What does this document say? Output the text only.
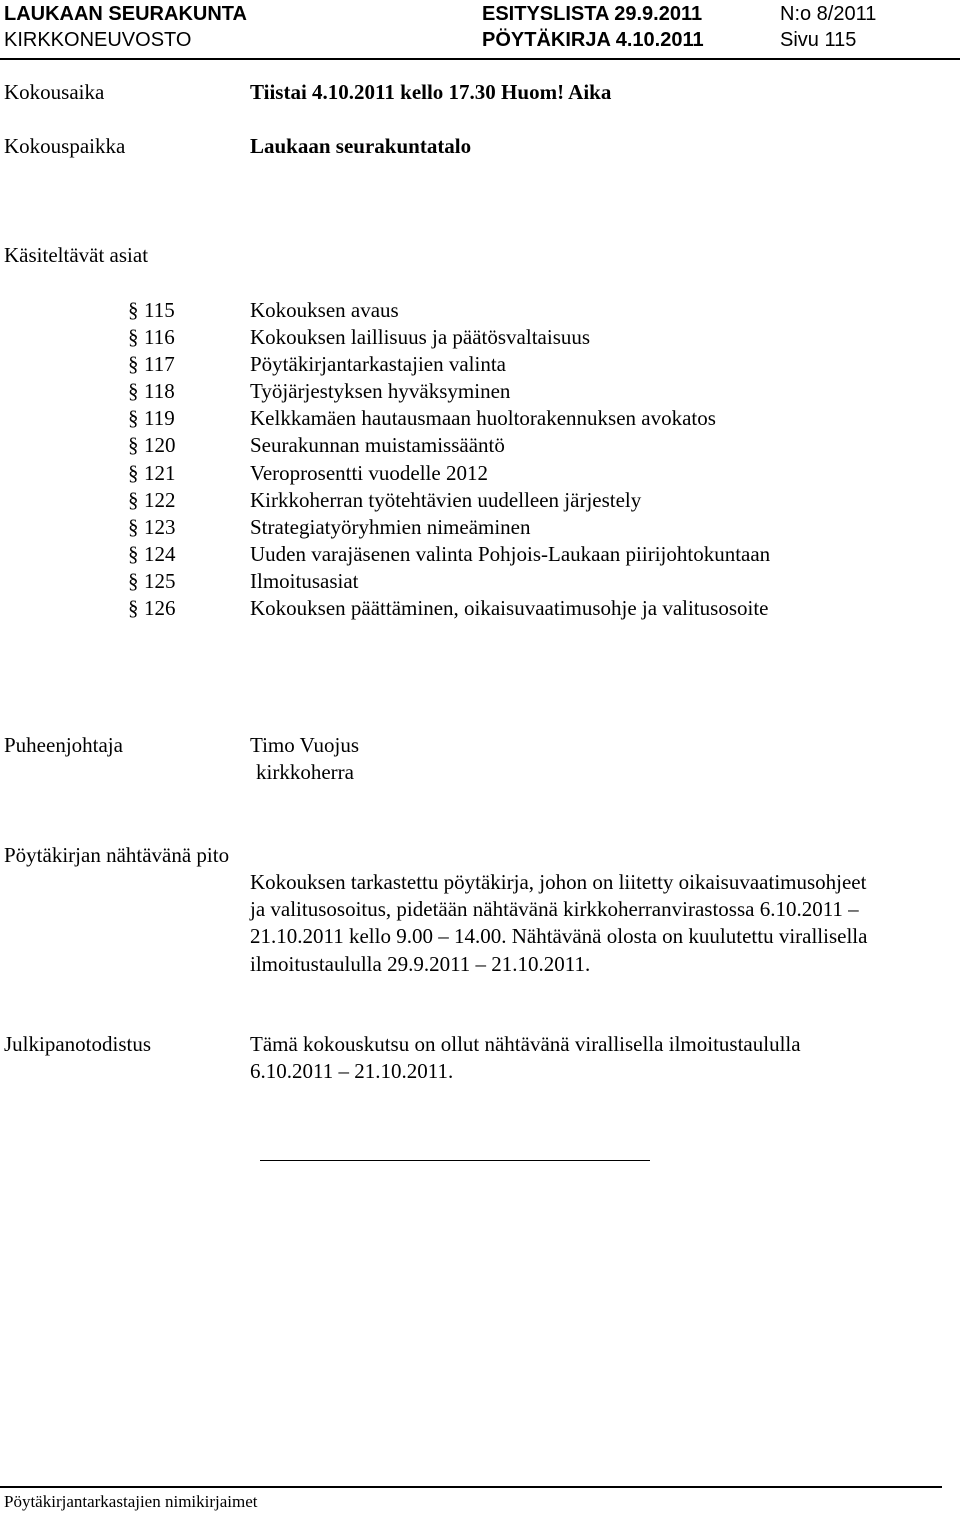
LAUKAAN SEURAKUNTA
KIRKKONEUVOSTO
ESITYSLISTA 29.9.2011
PÖYTÄKIRJA 4.10.2011
N:o 8/2011
Sivu 115
Kokousaika	Tiistai 4.10.2011 kello 17.30 Huom! Aika
Kokouspaikka	Laukaan seurakuntatalo
Käsiteltävät asiat
§ 115	Kokouksen avaus
§ 116	Kokouksen laillisuus ja päätösvaltaisuus
§ 117	Pöytäkirjantarkastajien valinta
§ 118	Työjärjestyksen hyväksyminen
§ 119	Kelkkamäen hautausmaan huoltorakennuksen avokatos
§ 120	Seurakunnan muistamissääntö
§ 121	Veroprosentti vuodelle 2012
§ 122	Kirkkoherran työtehtävien uudelleen järjestely
§ 123	Strategiatyöryhmien nimeäminen
§ 124	Uuden varajäsenen valinta Pohjois-Laukaan piirijohtokuntaan
§ 125	Ilmoitusasiat
§ 126	Kokouksen päättäminen, oikaisuvaatimusohje ja valitusosoite
Puheenjohtaja	Timo Vuojus
kirkkoherra
Pöytäkirjan nähtävänä pito
Kokouksen tarkastettu pöytäkirja, johon on liitetty oikaisuvaatimusohjeet
ja valitusosoitus, pidetään nähtävänä kirkkoherranvirastossa 6.10.2011 –
21.10.2011 kello 9.00 – 14.00. Nähtävänä olosta on kuulutettu virallisella
ilmoitustaululla 29.9.2011 – 21.10.2011.
Julkipanotodistus	Tämä kokouskutsu on ollut nähtävänä virallisella ilmoitustaululla
6.10.2011 – 21.10.2011.
Pöytäkirjantarkastajien nimikirjaimet
